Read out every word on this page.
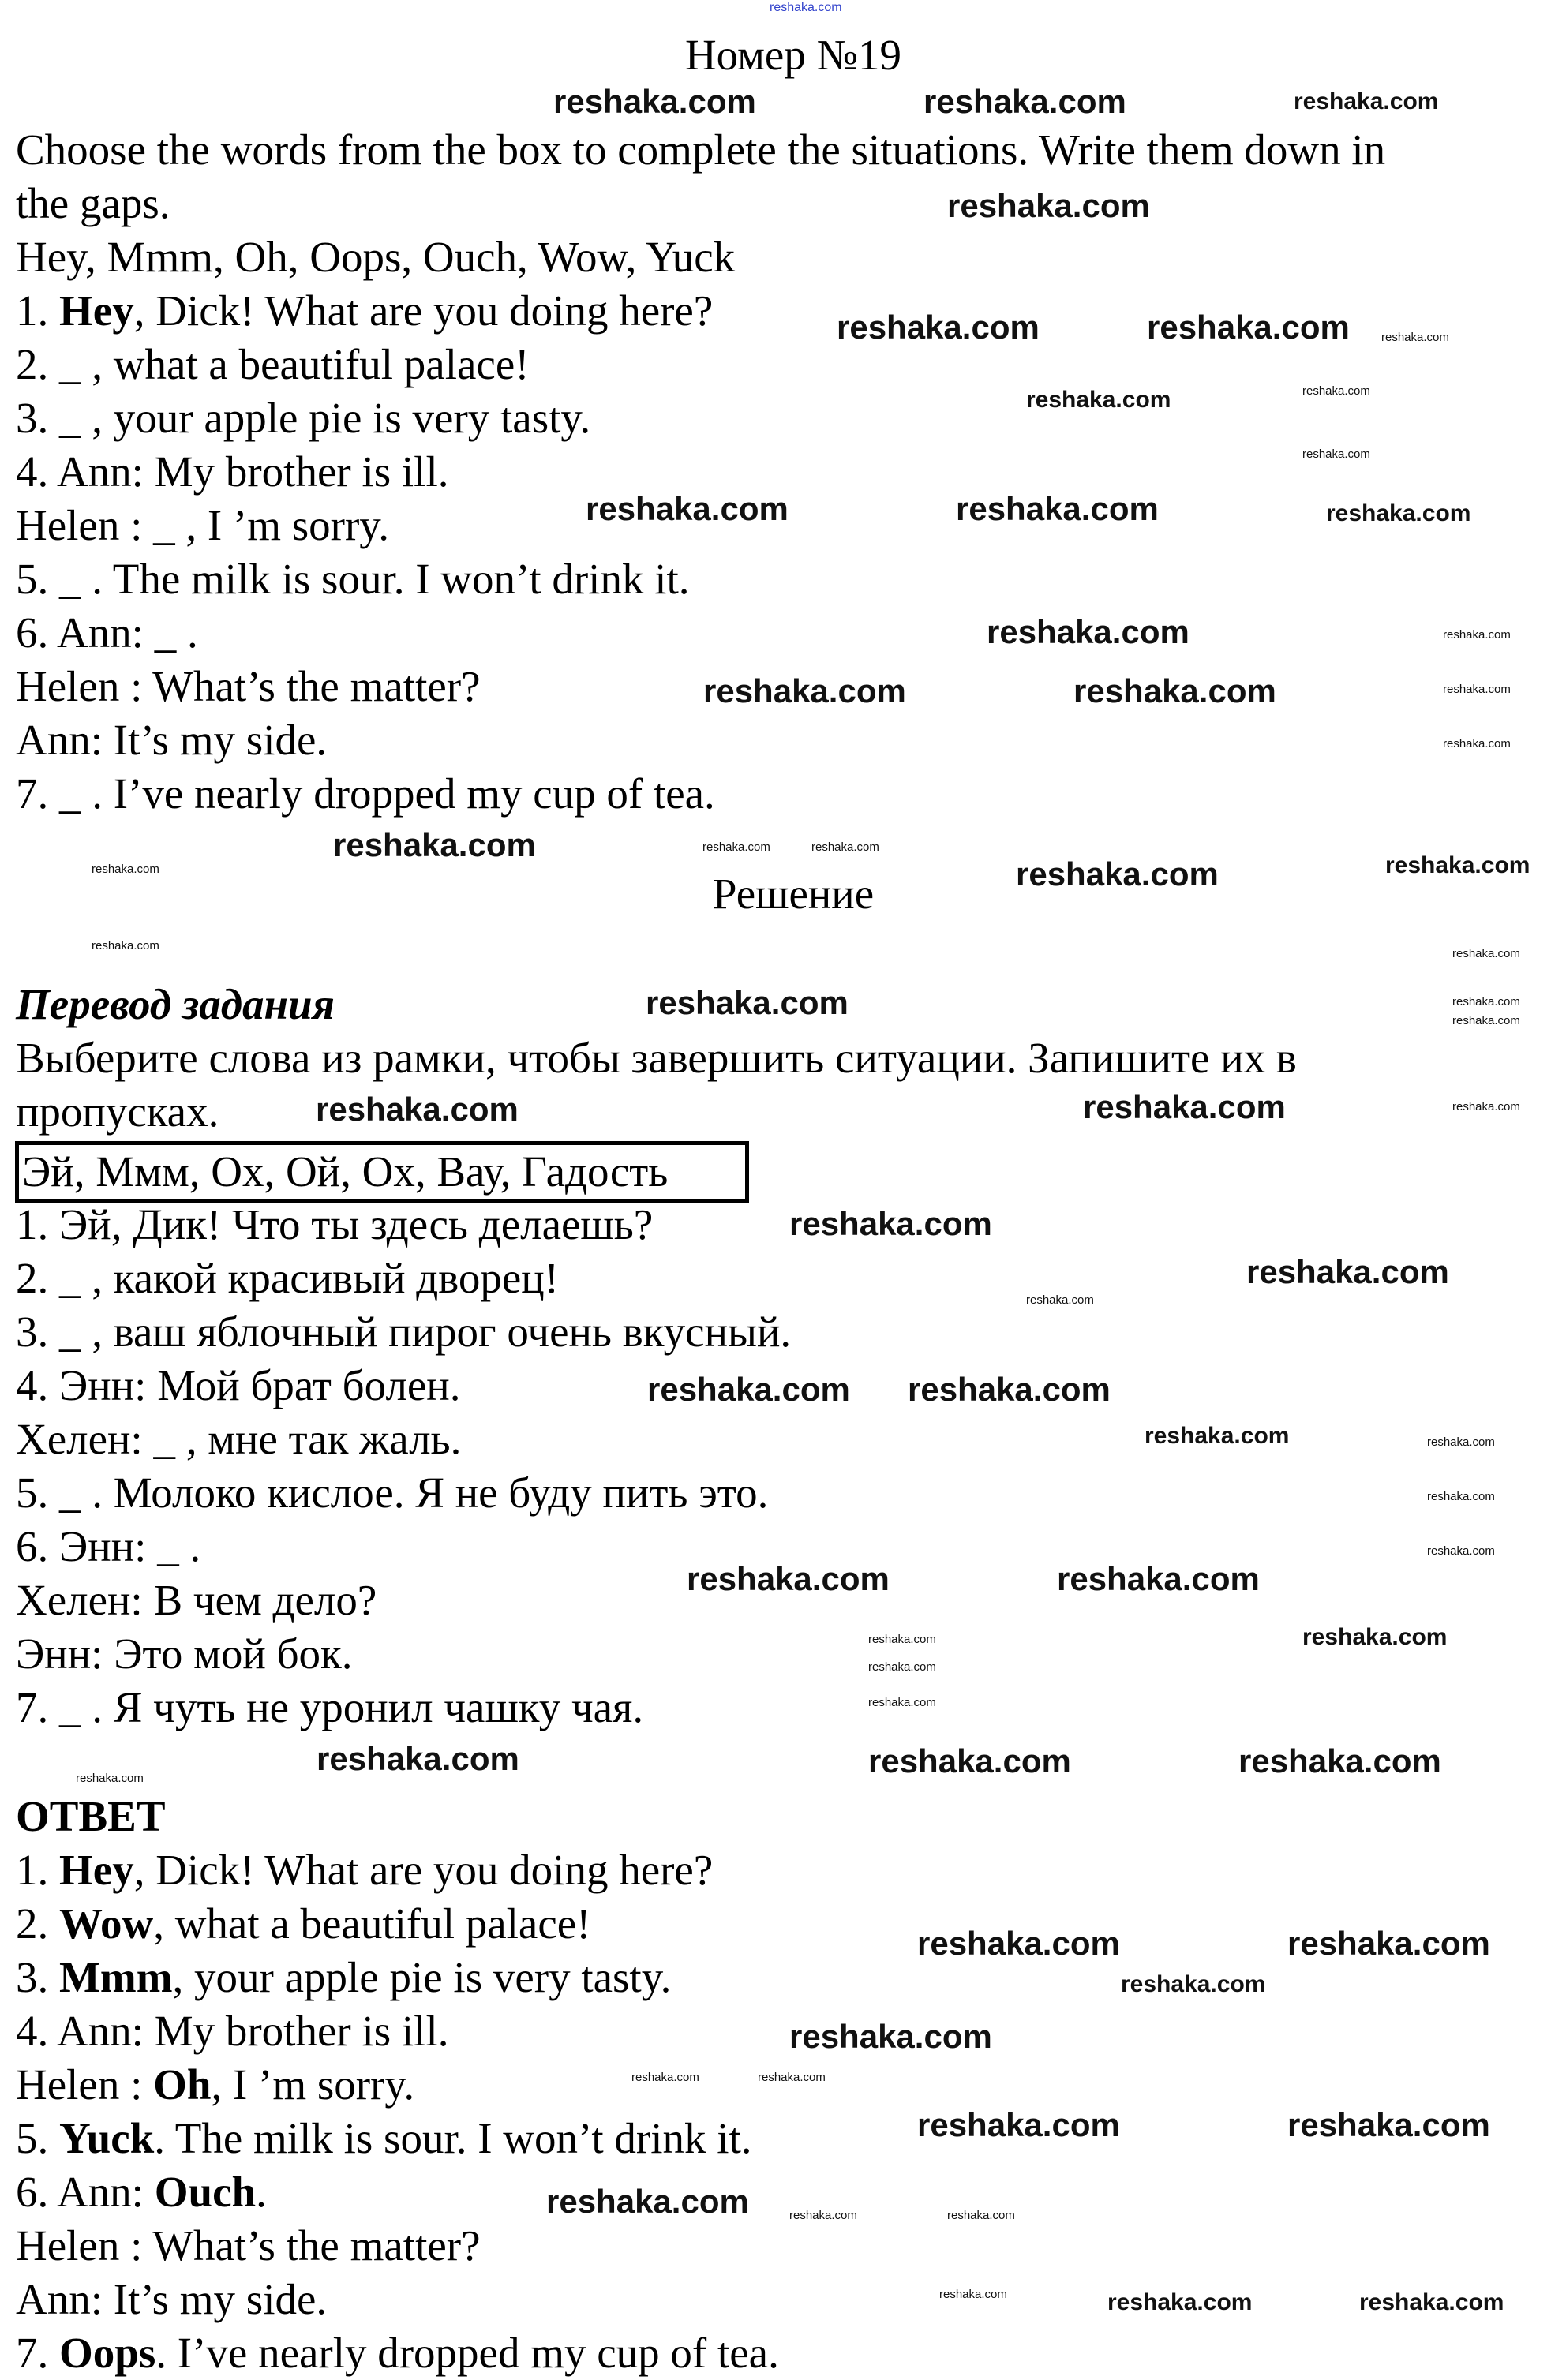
reshaka.com
Номер №19
Choose the words from the box to complete the situations. Write them down in
the gaps.
Hey, Mmm, Oh, Oops, Ouch, Wow, Yuck
1. Hey, Dick! What are you doing here?
2. _ , what a beautiful palace!
3. _ , your apple pie is very tasty.
4. Ann: My brother is ill.
Helen : _ , I ’m sorry.
5. _ . The milk is sour. I won’t drink it.
6. Ann: _ .
Helen : What’s the matter?
Ann: It’s my side.
7. _ . I’ve nearly dropped my cup of tea.
Решение
Перевод задания
Выберите слова из рамки, чтобы завершить ситуации. Запишите их в
пропусках.
Эй, Ммм, Ох, Ой, Ох, Вау, Гадость
1. Эй, Дик! Что ты здесь делаешь?
2. _ , какой красивый дворец!
3. _ , ваш яблочный пирог очень вкусный.
4. Энн: Мой брат болен.
Хелен: _ , мне так жаль.
5. _ . Молоко кислое. Я не буду пить это.
6. Энн: _ .
Хелен: В чем дело?
Энн: Это мой бок.
7. _ . Я чуть не уронил чашку чая.
ОТВЕТ
1. Hey, Dick! What are you doing here?
2. Wow, what a beautiful palace!
3. Mmm, your apple pie is very tasty.
4. Ann: My brother is ill.
Helen : Oh, I ’m sorry.
5. Yuck. The milk is sour. I won’t drink it.
6. Ann: Ouch.
Helen : What’s the matter?
Ann: It’s my side.
7. Oops. I’ve nearly dropped my cup of tea.
reshaka.com	reshaka.com	reshaka.com
reshaka.com
reshaka.com	reshaka.com
reshaka.com
reshaka.com
reshaka.com
reshaka.com
reshaka.com	reshaka.com	reshaka.com
reshaka.com	reshaka.com
reshaka.com
reshaka.com
reshaka.com	reshaka.com
reshaka.com
reshaka.com	reshaka.com
reshaka.com
reshaka.com
reshaka.com	reshaka.com
reshaka.com
reshaka.com
reshaka.com
reshaka.com
reshaka.com
reshaka.com
reshaka.com
reshaka.com
reshaka.com
reshaka.com
reshaka.com reshaka.com
reshaka.com	reshaka.com
reshaka.com
reshaka.com
reshaka.com
reshaka.com
reshaka.com
reshaka.com
reshaka.com	reshaka.com
reshaka.com	reshaka.com	reshaka.com
reshaka.com
reshaka.com	reshaka.com
reshaka.com
reshaka.com
reshaka.com	reshaka.com
reshaka.com	reshaka.com
reshaka.com	reshaka.com	reshaka.com
reshaka.com	reshaka.com	reshaka.com
